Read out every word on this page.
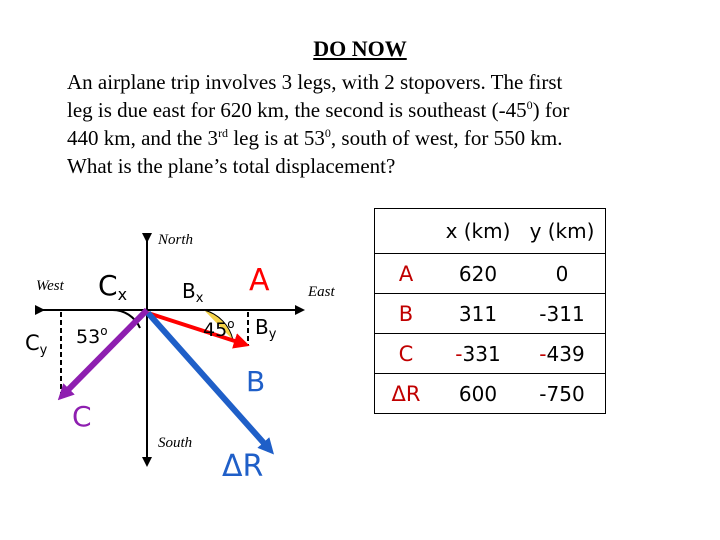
DO NOW
An airplane trip involves 3 legs, with 2 stopovers. The first
leg is due east for 620 km, the second is southeast $(-45^0)$ for
440 km, and the 3rd leg is at $53^0$, south of west, for 550 km.
What is the plane’s total displacement?
North
South
East
West	A
B
C
ΔR
$B_x$
$B_y$
Cx
Cy
45$^o$
53$^o$
	x (km)	y (km)
A	620	0
B	311	-311
C	-331	-439
ΔR	600	-750
